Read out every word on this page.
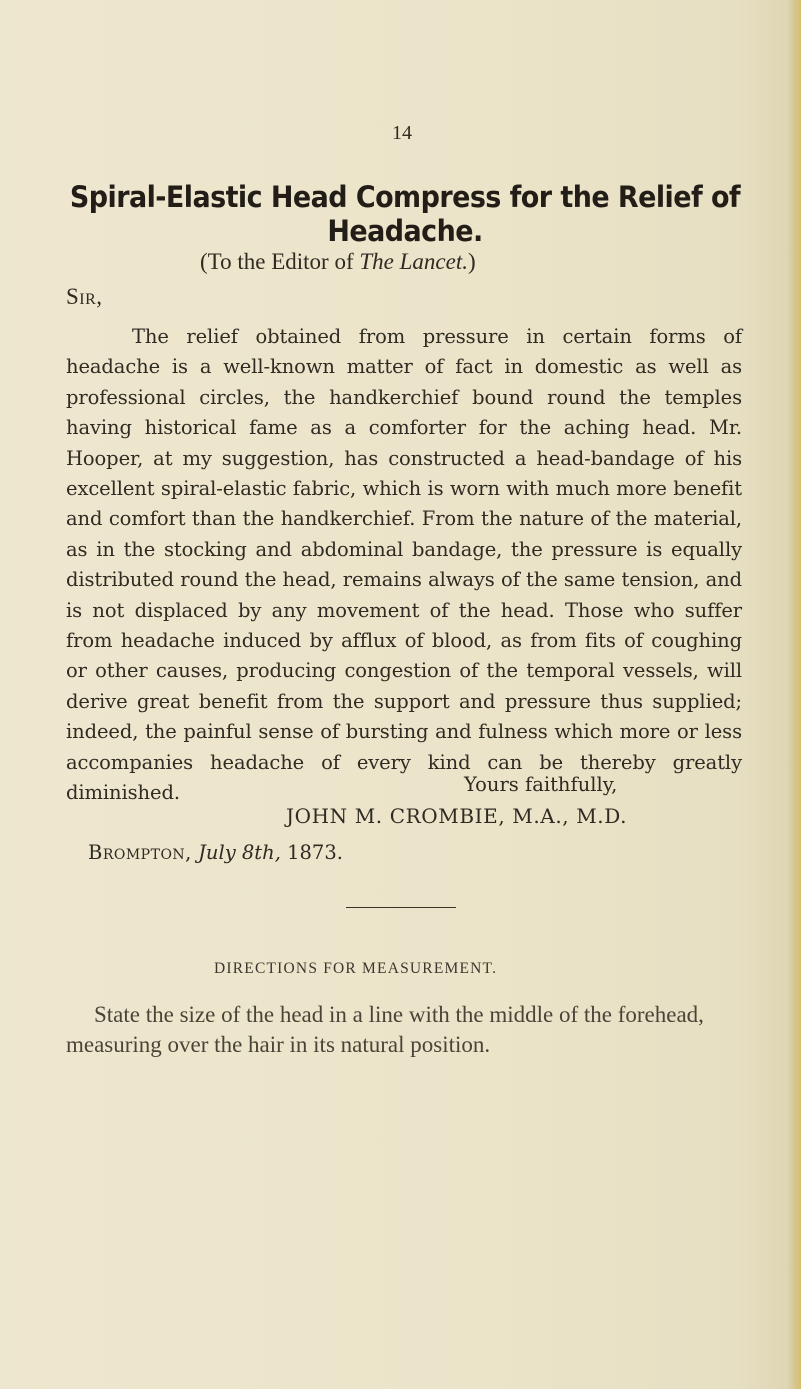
14
Spiral-Elastic Head Compress for the Relief of Headache.
(To the Editor of The Lancet.)
Sir,

The relief obtained from pressure in certain forms of headache is a well-known matter of fact in domestic as well as professional circles, the handkerchief bound round the temples having historical fame as a comforter for the aching head. Mr. Hooper, at my suggestion, has constructed a head-bandage of his excellent spiral-elastic fabric, which is worn with much more benefit and comfort than the handkerchief. From the nature of the material, as in the stocking and abdominal bandage, the pressure is equally distributed round the head, remains always of the same tension, and is not displaced by any movement of the head. Those who suffer from headache induced by afflux of blood, as from fits of coughing or other causes, producing congestion of the temporal vessels, will derive great benefit from the support and pressure thus supplied; indeed, the painful sense of bursting and fulness which more or less accompanies headache of every kind can be thereby greatly diminished.	Yours faithfully,
JOHN M. CROMBIE, M.A., M.D.
Brompton, July 8th, 1873.
DIRECTIONS FOR MEASUREMENT.

State the size of the head in a line with the middle of the forehead, measuring over the hair in its natural position.
